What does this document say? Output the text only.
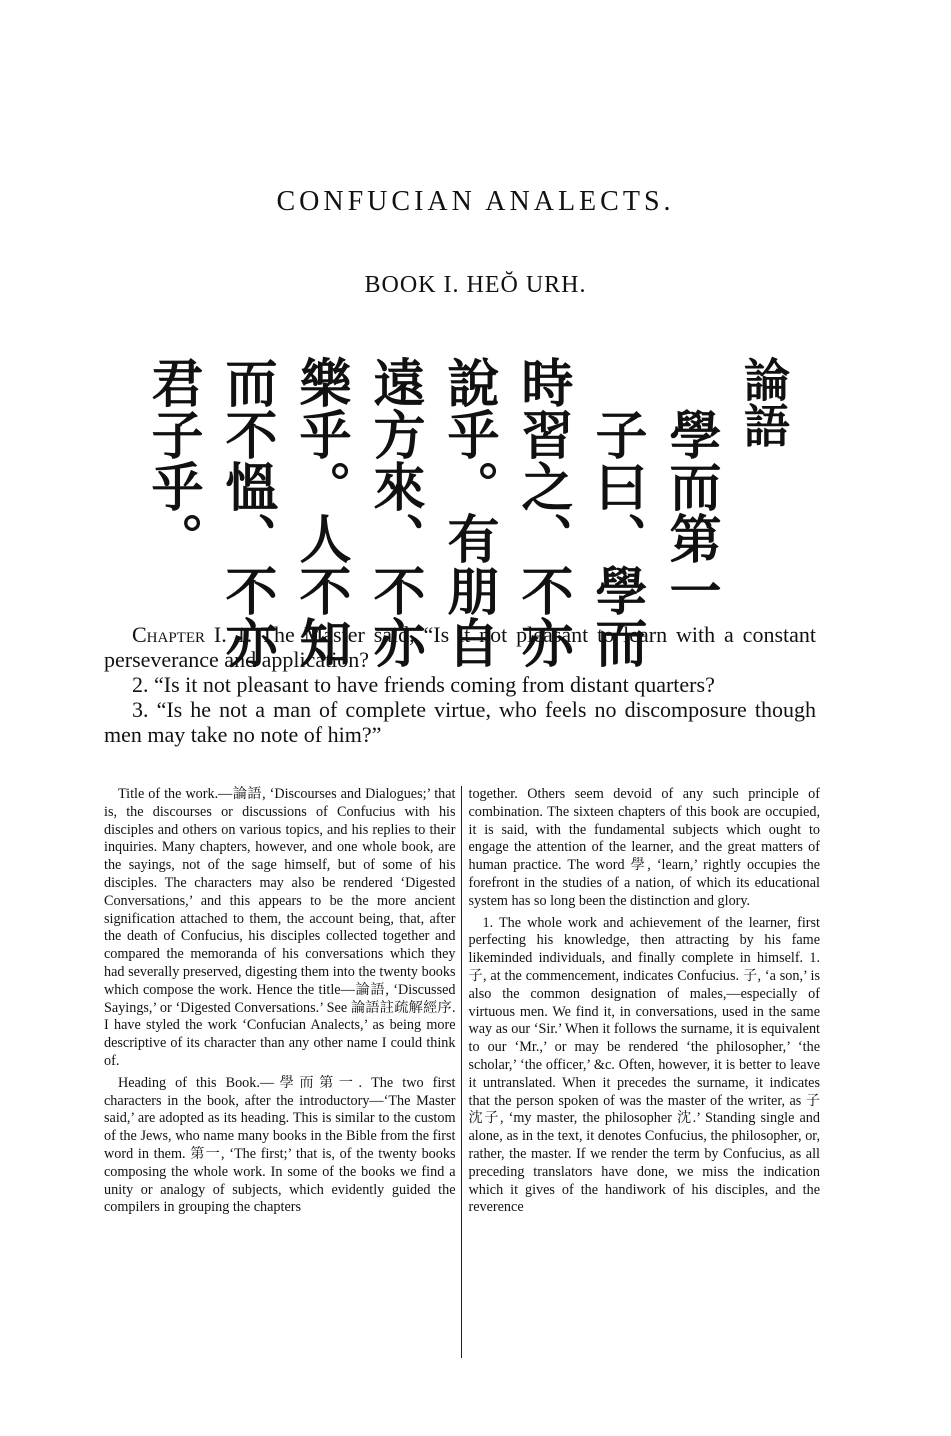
CONFUCIAN ANALECTS.
BOOK I. HEŎ URH.
論語
學而第一
子曰、學而
時習之、不亦
說乎。有朋自
遠方來、不亦
樂乎。人不知
而不慍、不亦
君子乎。

Chapter I. 1. The Master said, “Is it not pleasant to learn with a constant perseverance and application?

2. “Is it not pleasant to have friends coming from distant quarters?

3. “Is he not a man of complete virtue, who feels no discomposure though men may take no note of him?”

Title of the work.—論語, ‘Discourses and Dialogues;’ that is, the discourses or discussions of Confucius with his disciples and others on various topics, and his replies to their inquiries. Many chapters, however, and one whole book, are the sayings, not of the sage himself, but of some of his disciples. The characters may also be rendered ‘Digested Conversations,’ and this appears to be the more ancient signification attached to them, the account being, that, after the death of Confucius, his disciples collected together and compared the memoranda of his conversations which they had severally preserved, digesting them into the twenty books which compose the work. Hence the title—論語, ‘Discussed Sayings,’ or ‘Digested Conversations.’ See 論語註疏解經序. I have styled the work ‘Confucian Analects,’ as being more descriptive of its character than any other name I could think of.

Heading of this Book.—學而第一. The two first characters in the book, after the introductory—‘The Master said,’ are adopted as its heading. This is similar to the custom of the Jews, who name many books in the Bible from the first word in them. 第一, ‘The first;’ that is, of the twenty books composing the whole work. In some of the books we find a unity or analogy of subjects, which evidently guided the compilers in grouping the chapters

together. Others seem devoid of any such principle of combination. The sixteen chapters of this book are occupied, it is said, with the fundamental subjects which ought to engage the attention of the learner, and the great matters of human practice. The word 學, ‘learn,’ rightly occupies the forefront in the studies of a nation, of which its educational system has so long been the distinction and glory.

1. The whole work and achievement of the learner, first perfecting his knowledge, then attracting by his fame likeminded individuals, and finally complete in himself. 1. 子, at the commencement, indicates Confucius. 子, ‘a son,’ is also the common designation of males,—especially of virtuous men. We find it, in conversations, used in the same way as our ‘Sir.’ When it follows the surname, it is equivalent to our ‘Mr.,’ or may be rendered ‘the philosopher,’ ‘the scholar,’ ‘the officer,’ &c. Often, however, it is better to leave it untranslated. When it precedes the surname, it indicates that the person spoken of was the master of the writer, as 子沈子, ‘my master, the philosopher 沈.’ Standing single and alone, as in the text, it denotes Confucius, the philosopher, or, rather, the master. If we render the term by Confucius, as all preceding translators have done, we miss the indication which it gives of the handiwork of his disciples, and the reverence
